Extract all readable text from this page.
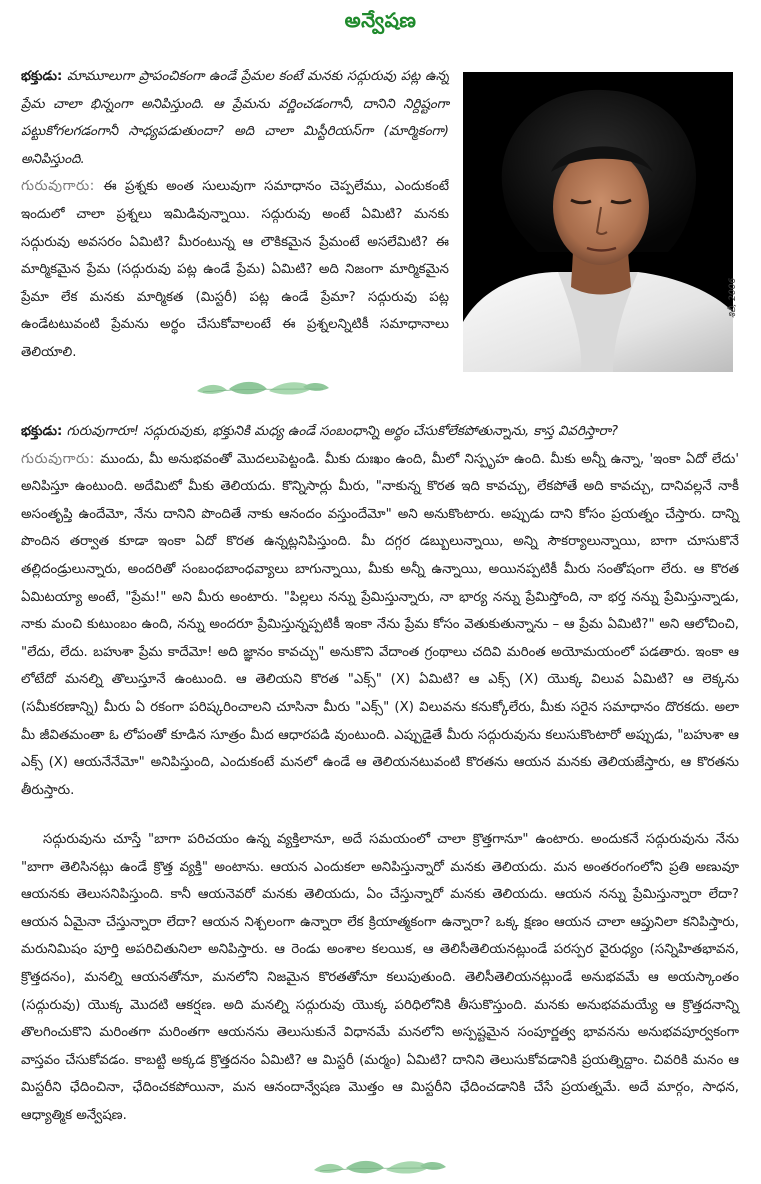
అన్వేషణ

భక్తుడు: మామూలుగా ప్రాపంచికంగా ఉండే ప్రేమల కంటే మనకు సద్గురువు పట్ల ఉన్న ప్రేమ చాలా భిన్నంగా అనిపిస్తుంది. ఆ ప్రేమను వర్ణించడంగానీ, దానిని నిర్దిష్టంగా పట్టుకోగలగడంగానీ సాధ్యపడుతుందా? అది చాలా మిస్టీరియస్‌గా (మార్మికంగా) అనిపిస్తుంది.

గురువుగారు: ఈ ప్రశ్నకు అంత సులువుగా సమాధానం చెప్పలేము, ఎందుకంటే ఇందులో చాలా ప్రశ్నలు ఇమిడివున్నాయి. సద్గురువు అంటే ఏమిటి? మనకు సద్గురువు అవసరం ఏమిటి? మీరంటున్న ఆ లౌకికమైన ప్రేమంటే అసలేమిటి? ఈ మార్మికమైన ప్రేమ (సద్గురువు పట్ల ఉండే ప్రేమ) ఏమిటి? అది నిజంగా మార్మికమైన ప్రేమా లేక మనకు మార్మికత (మిస్టరీ) పట్ల ఉండే ప్రేమా? సద్గురువు పట్ల ఉండేటటువంటి ప్రేమను అర్థం చేసుకోవాలంటే ఈ ప్రశ్నలన్నిటికీ సమాధానాలు తెలియాలి.

శిలీ, 2006

భక్తుడు: గురువుగారూ! సద్గురువుకు, భక్తునికి మధ్య ఉండే సంబంధాన్ని అర్థం చేసుకోలేకపోతున్నాను, కాస్త వివరిస్తారా?

గురువుగారు: ముందు, మీ అనుభవంతో మొదలుపెట్టండి. మీకు దుఃఖం ఉంది, మీలో నిస్పృహ ఉంది. మీకు అన్నీ ఉన్నా, 'ఇంకా ఏదో లేదు' అనిపిస్తూ ఉంటుంది. అదేమిటో మీకు తెలియదు. కొన్నిసార్లు మీరు, "నాకున్న కొరత ఇది కావచ్చు, లేకపోతే అది కావచ్చు, దానివల్లనే నాకీ అసంతృప్తి ఉందేమో, నేను దానిని పొందితే నాకు ఆనందం వస్తుందేమో" అని అనుకొంటారు. అప్పుడు దాని కోసం ప్రయత్నం చేస్తారు. దాన్ని పొందిన తర్వాత కూడా ఇంకా ఏదో కొరత ఉన్నట్లనిపిస్తుంది. మీ దగ్గర డబ్బులున్నాయి, అన్ని సౌకర్యాలున్నాయి, బాగా చూసుకొనే తల్లిదండ్రులున్నారు, అందరితో సంబంధబాంధవ్యాలు బాగున్నాయి, మీకు అన్నీ ఉన్నాయి, అయినప్పటికీ మీరు సంతోషంగా లేరు. ఆ కొరత ఏమిటయ్యా అంటే, "ప్రేమ!" అని మీరు అంటారు. "పిల్లలు నన్ను ప్రేమిస్తున్నారు, నా భార్య నన్ను ప్రేమిస్తోంది, నా భర్త నన్ను ప్రేమిస్తున్నాడు, నాకు మంచి కుటుంబం ఉంది, నన్ను అందరూ ప్రేమిస్తున్నప్పటికీ ఇంకా నేను ప్రేమ కోసం వెతుకుతున్నాను – ఆ ప్రేమ ఏమిటి?" అని ఆలోచించి, "లేదు, లేదు. బహుశా ప్రేమ కాదేమో! అది జ్ఞానం కావచ్చు" అనుకొని వేదాంత గ్రంథాలు చదివి మరింత అయోమయంలో పడతారు. ఇంకా ఆ లోటేదో మనల్ని తొలుస్తూనే ఉంటుంది. ఆ తెలియని కొరత "ఎక్స్" (X) ఏమిటి? ఆ ఎక్స్ (X) యొక్క విలువ ఏమిటి? ఆ లెక్కను (సమీకరణాన్ని) మీరు ఏ రకంగా పరిష్కరించాలని చూసినా మీరు "ఎక్స్" (X) విలువను కనుక్కోలేరు, మీకు సరైన సమాధానం దొరకదు. అలా మీ జీవితమంతా ఓ లోపంతో కూడిన సూత్రం మీద ఆధారపడి వుంటుంది. ఎప్పుడైతే మీరు సద్గురువును కలుసుకొంటారో అప్పుడు, "బహుశా ఆ ఎక్స్ (X) ఆయనేనేమో" అనిపిస్తుంది, ఎందుకంటే మనలో ఉండే ఆ తెలియనటువంటి కొరతను ఆయన మనకు తెలియజేస్తారు, ఆ కొరతను తీరుస్తారు.

సద్గురువును చూస్తే "బాగా పరిచయం ఉన్న వ్యక్తిలానూ, అదే సమయంలో చాలా క్రొత్తగానూ" ఉంటారు. అందుకనే సద్గురువును నేను "బాగా తెలిసినట్లు ఉండే క్రొత్త వ్యక్తి" అంటాను. ఆయన ఎందుకలా అనిపిస్తున్నారో మనకు తెలియదు. మన అంతరంగంలోని ప్రతి అణువూ ఆయనకు తెలుసనిపిస్తుంది. కానీ ఆయనెవరో మనకు తెలియదు, ఏం చేస్తున్నారో మనకు తెలియదు. ఆయన నన్ను ప్రేమిస్తున్నారా లేదా? ఆయన ఏమైనా చేస్తున్నారా లేదా? ఆయన నిశ్చలంగా ఉన్నారా లేక క్రియాత్మకంగా ఉన్నారా? ఒక్క క్షణం ఆయన చాలా ఆప్తునిలా కనిపిస్తారు, మరునిమిషం పూర్తి అపరిచితునిలా అనిపిస్తారు. ఆ రెండు అంశాల కలయిక, ఆ తెలిసీతెలియనట్లుండే పరస్పర వైరుధ్యం (సన్నిహితభావన, క్రొత్తదనం), మనల్ని ఆయనతోనూ, మనలోని నిజమైన కొరతతోనూ కలుపుతుంది. తెలిసీతెలియనట్లుండే అనుభవమే ఆ అయస్కాంతం (సద్గురువు) యొక్క మొదటి ఆకర్షణ. అది మనల్ని సద్గురువు యొక్క పరిధిలోనికి తీసుకొస్తుంది. మనకు అనుభవమయ్యే ఆ క్రొత్తదనాన్ని తొలగించుకొని మరింతగా మరింతగా ఆయనను తెలుసుకునే విధానమే మనలోని అస్పష్టమైన సంపూర్ణత్వ భావనను అనుభవపూర్వకంగా వాస్తవం చేసుకోవడం. కాబట్టి అక్కడ క్రొత్తదనం ఏమిటి? ఆ మిస్టరీ (మర్మం) ఏమిటి? దానిని తెలుసుకోవడానికి ప్రయత్నిద్దాం. చివరికి మనం ఆ మిస్టరీని ఛేదించినా, ఛేదించకపోయినా, మన ఆనందాన్వేషణ మొత్తం ఆ మిస్టరీని ఛేదించడానికి చేసే ప్రయత్నమే. అదే మార్గం, సాధన, ఆధ్యాత్మిక అన్వేషణ.
